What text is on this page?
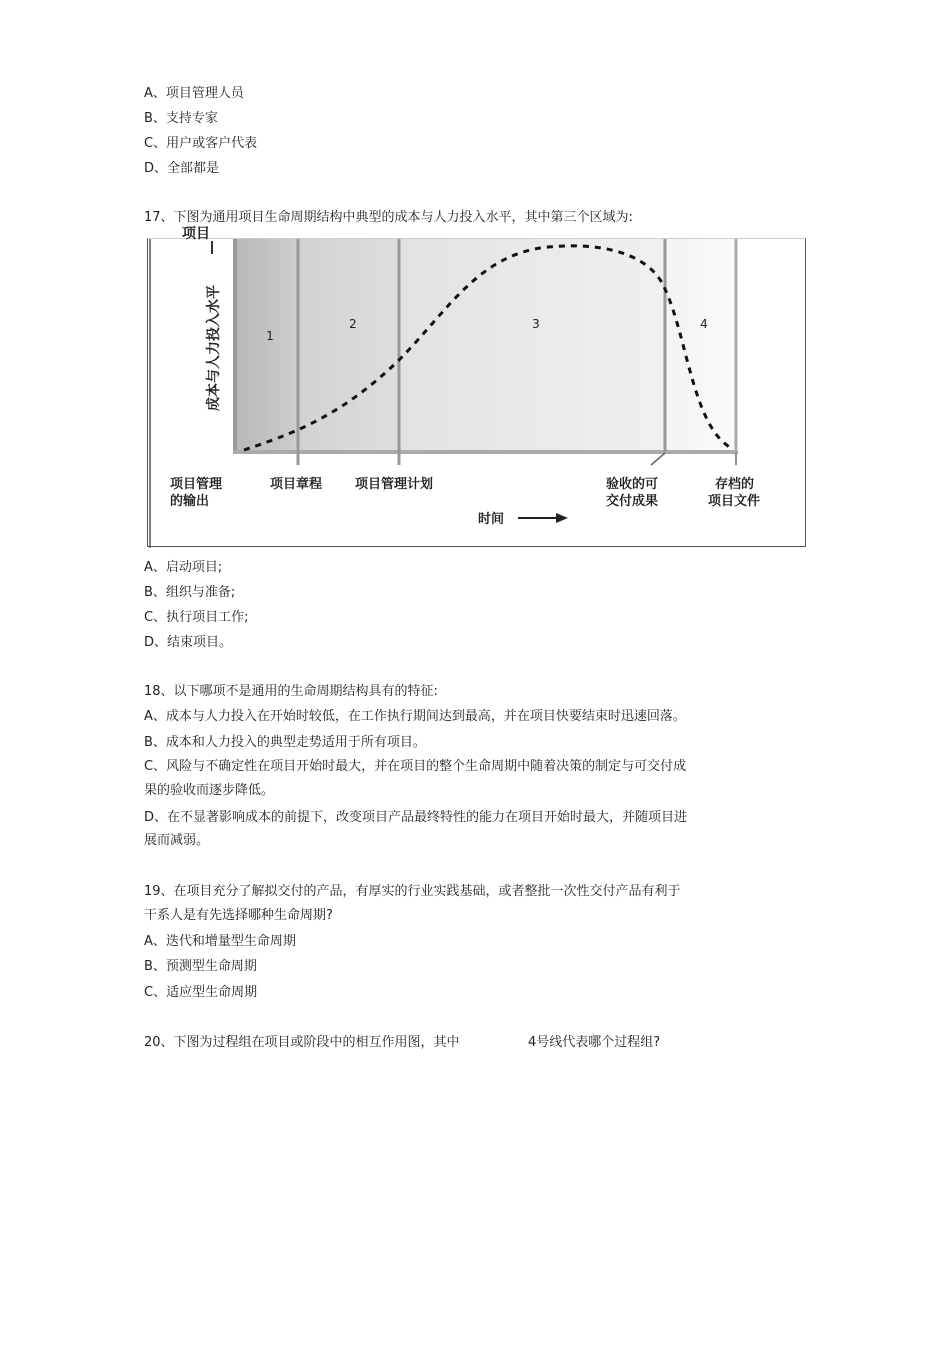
A、项目管理人员
B、支持专家
C、用户或客户代表
D、全部都是
17、下图为通用项目生命周期结构中典型的成本与人力投入水平，其中第三个区域为:
项目
成本与人力投入水平	1
2	3	4
项目管理 的输出
项目章程	项目管理计划	验收的可 交付成果
存档的 项目文件
时间
A、启动项目;
B、组织与准备;
C、执行项目工作;
D、结束项目。
18、以下哪项不是通用的生命周期结构具有的特征:
A、成本与人力投入在开始时较低，在工作执行期间达到最高，并在项目快要结束时迅速回落。
B、成本和人力投入的典型走势适用于所有项目。
C、风险与不确定性在项目开始时最大，并在项目的整个生命周期中随着决策的制定与可交付成
果的验收而逐步降低。
D、在不显著影响成本的前提下，改变项目产品最终特性的能力在项目开始时最大，并随项目进
展而减弱。
19、在项目充分了解拟交付的产品，有厚实的行业实践基础，或者整批一次性交付产品有利于
干系人是有先选择哪种生命周期?
A、迭代和增量型生命周期
B、预测型生命周期
C、适应型生命周期
20、下图为过程组在项目或阶段中的相互作用图，其中	4号线代表哪个过程组?
